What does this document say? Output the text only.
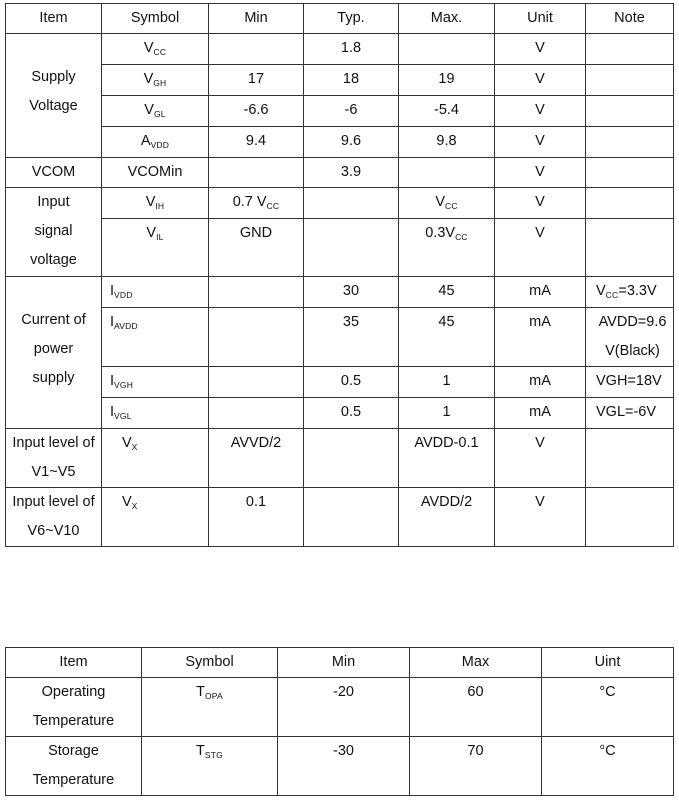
Item	Symbol	Min	Typ.	Max.	Unit	Note
Supply Voltage	$V_{CC}$		1.8		V	
	$V_{GH}$	17	18	19	V	
	$V_{GL}$	-6.6	-6	-5.4	V	
	$A_{VDD}$	9.4	9.6	9.8	V	
VCOM	VCOMin		3.9		V	
Input signal voltage	$V_{IH}$	0.7 $V_{CC}$		$V_{CC}$	V	
	$V_{IL}$	GND		$0.3V_{CC}$	V	
Current of power supply	$I_{VDD}$		30	45	mA	$V_{CC}=3.3V$
	$I_{AVDD}$		35	45	mA	AVDD=9.6 V(Black)
	$I_{VGH}$		0.5	1	mA	VGH=18V
	$I_{VGL}$		0.5	1	mA	VGL=-6V
Input level of V1~V5	$V_X$	AVVD/2		AVDD-0.1	V	
Input level of V6~V10	$V_X$	0.1		AVDD/2	V	
Item	Symbol	Min	Max	Uint
Operating Temperature	$T_{OPA}$	-20	60	°C
Storage Temperature	$T_{STG}$	-30	70	°C
